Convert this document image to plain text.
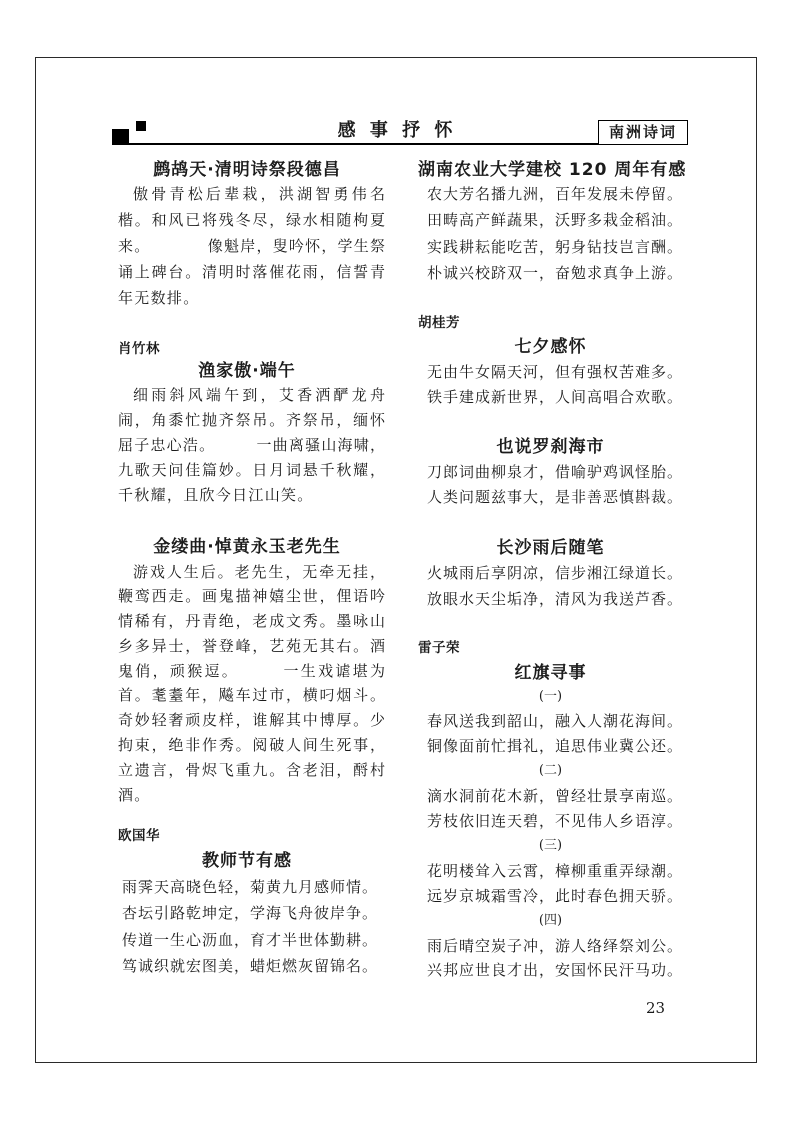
感 事 抒 怀	南洲诗词
鹧鸪天·清明诗祭段德昌
傲骨青松后辈栽，洪湖智勇伟名
楷。和风已将残冬尽，绿水相随枸夏
来。　　　　像魁岸，叟吟怀，学生祭
诵上碑台。清明时落催花雨，信誓青
年无数排。
肖竹林
渔家傲·端午
细雨斜风端午到，艾香洒酽龙舟
闹，角黍忙抛齐祭吊。齐祭吊，缅怀
屈子忠心浩。　　　一曲离骚山海啸，
九歌天问佳篇妙。日月词悬千秋耀，
千秋耀，且欣今日江山笑。
金缕曲·悼黄永玉老先生
游戏人生后。老先生，无牵无挂，
鞭鸾西走。画鬼描神嬉尘世，俚语吟
情稀有，丹青绝，老成文秀。墨咏山
乡多异士，誉登峰，艺苑无其右。酒
鬼俏，顽猴逗。　　　一生戏谑堪为
首。耄耋年，飚车过市，横叼烟斗。
奇妙轻奢顽皮样，谁解其中博厚。少
拘束，绝非作秀。阅破人间生死事，
立遗言，骨烬飞重九。含老泪，酹村
酒。
欧国华
教师节有感
雨霁天高晓色轻，菊黄九月感师情。
杏坛引路乾坤定，学海飞舟彼岸争。
传道一生心沥血，育才半世体勤耕。
笃诚织就宏图美，蜡炬燃灰留锦名。
湖南农业大学建校 120 周年有感
农大芳名播九洲，百年发展未停留。
田畴高产鲜蔬果，沃野多栽金稻油。
实践耕耘能吃苦，躬身钻技岂言酬。
朴诚兴校跻双一，奋勉求真争上游。
胡桂芳
七夕感怀
无由牛女隔天河，但有强权苦难多。
铁手建成新世界，人间高唱合欢歌。
也说罗刹海市
刀郎词曲柳泉才，借喻驴鸡讽怪胎。
人类问题兹事大，是非善恶慎斟裁。
长沙雨后随笔
火城雨后享阴凉，信步湘江绿道长。
放眼水天尘垢净，清风为我送芦香。
雷子荣
红旗寻事
(一)
春风送我到韶山，融入人潮花海间。
铜像面前忙揖礼，追思伟业冀公还。
(二)
滴水洞前花木新，曾经壮景享南巡。
芳枝依旧连天碧，不见伟人乡语淳。
(三)
花明楼耸入云霄，樟柳重重弄绿潮。
远岁京城霜雪冷，此时春色拥天骄。
(四)
雨后晴空炭子冲，游人络绎祭刘公。
兴邦应世良才出，安国怀民汗马功。
23
